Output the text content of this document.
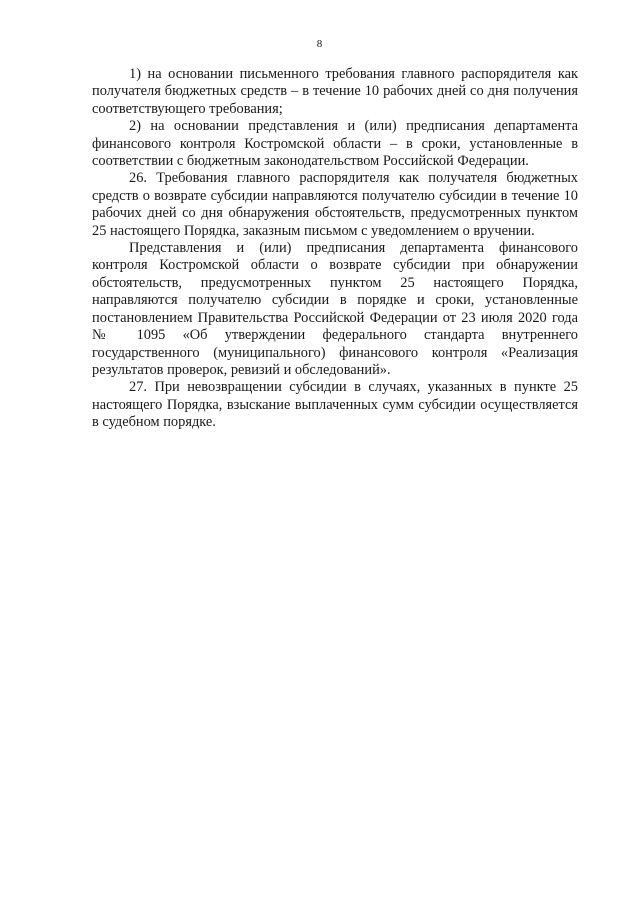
8

1) на основании письменного требования главного распорядителя как получателя бюджетных средств – в течение 10 рабочих дней со дня получения соответствующего требования;

2) на основании представления и (или) предписания департамента финансового контроля Костромской области – в сроки, установленные в соответствии с бюджетным законодательством Российской Федерации.

26. Требования главного распорядителя как получателя бюджетных средств о возврате субсидии направляются получателю субсидии в течение 10 рабочих дней со дня обнаружения обстоятельств, предусмотренных пунктом 25 настоящего Порядка, заказным письмом с уведомлением о вручении.

Представления и (или) предписания департамента финансового контроля Костромской области о возврате субсидии при обнаружении обстоятельств, предусмотренных пунктом 25 настоящего Порядка, направляются получателю субсидии в порядке и сроки, установленные постановлением Правительства Российской Федерации от 23 июля 2020 года № 1095 «Об утверждении федерального стандарта внутреннего государственного (муниципального) финансового контроля «Реализация результатов проверок, ревизий и обследований».

27. При невозвращении субсидии в случаях, указанных в пункте 25 настоящего Порядка, взыскание выплаченных сумм субсидии осуществляется в судебном порядке.
